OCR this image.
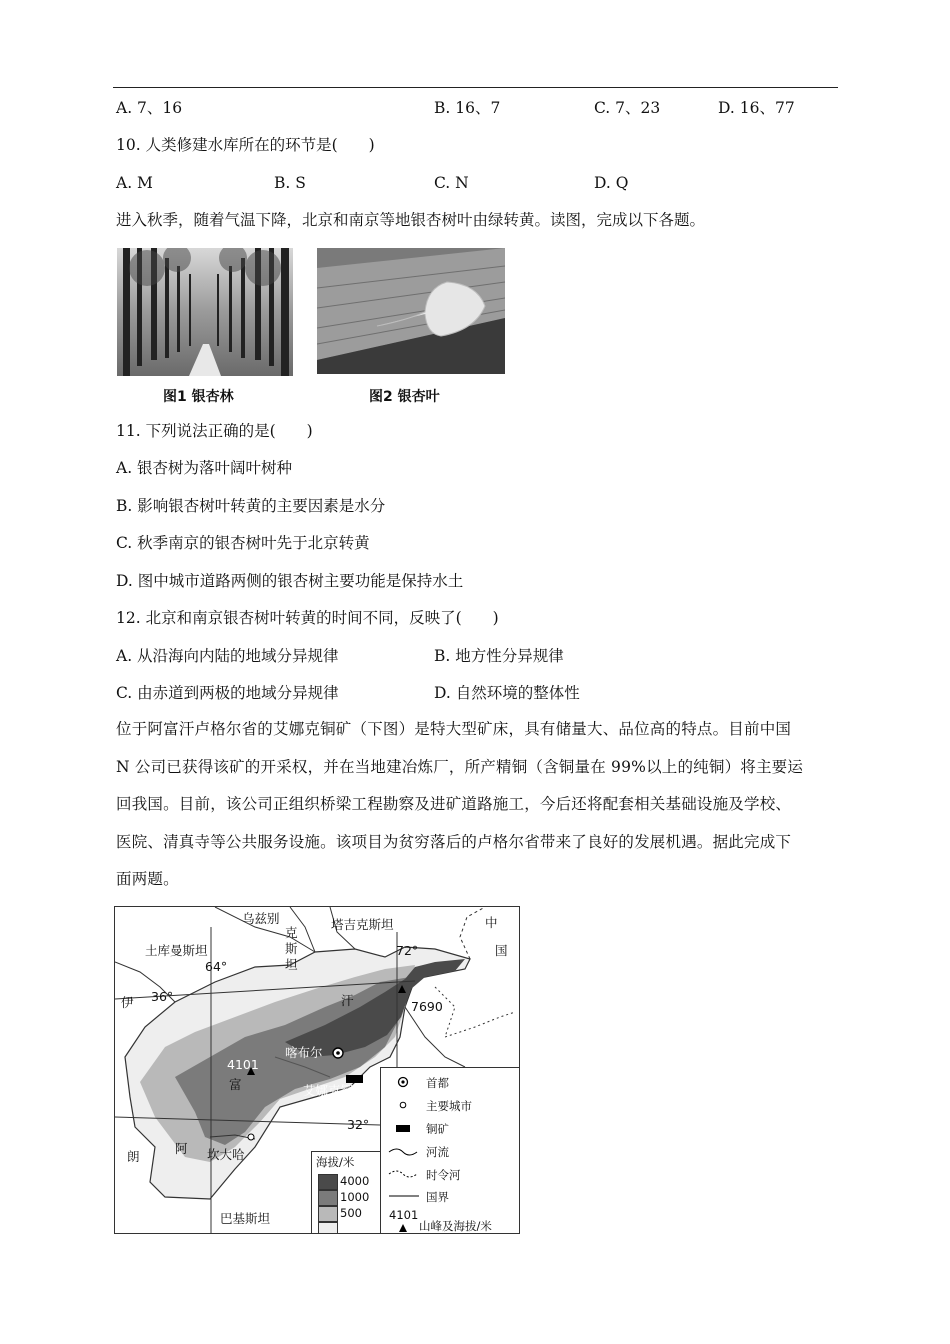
A. 7、16	B. 16、7	C. 7、23	D. 16、77
10. 人类修建水库所在的环节是(　　)
A. M	B. S	C. N	D. Q
进入秋季，随着气温下降，北京和南京等地银杏树叶由绿转黄。读图，完成以下各题。
图1 银杏林	图2 银杏叶
11. 下列说法正确的是(　　)
A. 银杏树为落叶阔叶树种
B. 影响银杏树叶转黄的主要因素是水分
C. 秋季南京的银杏树叶先于北京转黄
D. 图中城市道路两侧的银杏树主要功能是保持水土
12. 北京和南京银杏树叶转黄的时间不同，反映了(　　)
A. 从沿海向内陆的地域分异规律	B. 地方性分异规律
C. 由赤道到两极的地域分异规律	D. 自然环境的整体性
位于阿富汗卢格尔省的艾娜克铜矿（下图）是特大型矿床，具有储量大、品位高的特点。目前中国
N 公司已获得该矿的开采权，并在当地建冶炼厂，所产精铜（含铜量在 99%以上的纯铜）将主要运
回我国。目前，该公司正组织桥梁工程勘察及进矿道路施工，今后还将配套相关基础设施及学校、
医院、清真寺等公共服务设施。该项目为贫穷落后的卢格尔省带来了良好的发展机遇。据此完成下
面两题。
乌兹别
克
斯
坦
土库曼斯坦
塔吉克斯坦	中
国
伊
朗
巴基斯坦
汗
富
阿
64°
72°
36°
32°
7690
4101
喀布尔
艾娜克铜矿
坎大哈	海拔/米
4000
1000
500
首都
主要城市
铜矿
河流
时令河
国界
4101
山峰及海拔/米
